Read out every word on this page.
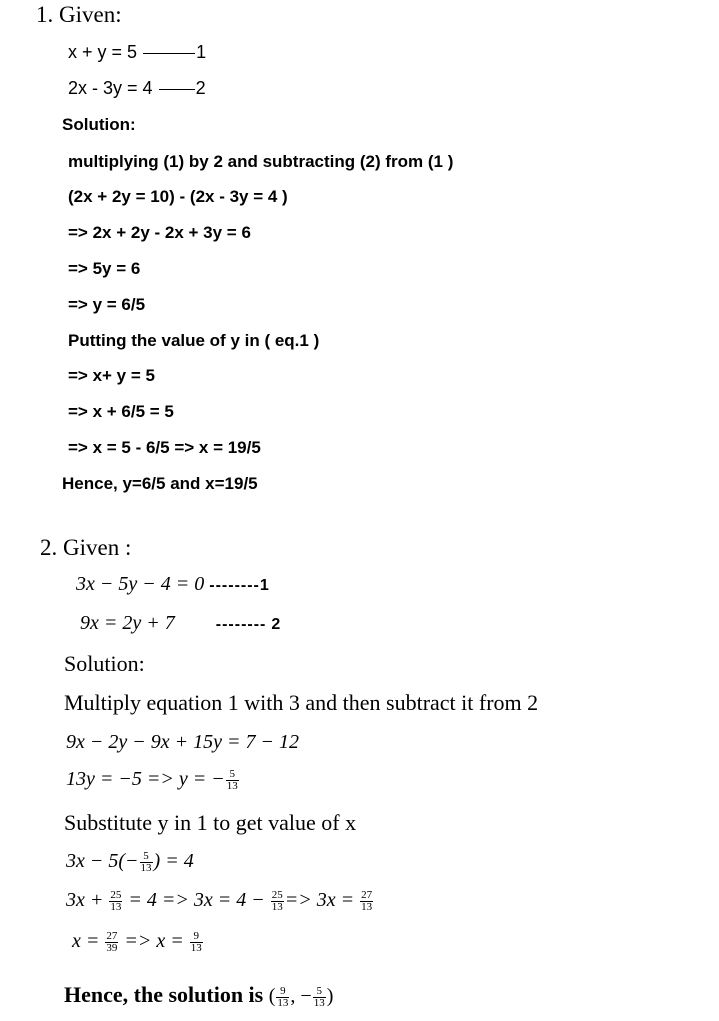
1. Given:
x + y = 5	1
2x - 3y = 4 2
Solution:
multiplying (1) by 2 and subtracting (2) from (1 )
(2x + 2y = 10) - (2x - 3y = 4 )
=> 2x + 2y - 2x + 3y = 6
=> 5y = 6
=> y = 6/5
Putting the value of y in ( eq.1 )
=> x+ y = 5
=> x + 6/5 = 5
=> x = 5 - 6/5 => x = 19/5
Hence, y=6/5 and x=19/5
2. Given :
3x − 5y − 4 = 0 --------1
9x = 2y + 7	-------- 2
Solution:
Multiply equation 1 with 3 and then subtract it from 2
9x − 2y − 9x + 15y = 7 − 12
13y = −5 => y = − $\frac{5}{13}$
Substitute y in 1 to get value of x
$3x - 5(- \frac{5}{13}$ ) = 4
$3x + \frac{25}{13} = 4 => 3x = 4 - \frac{25}{13} => 3x = \frac{27}{13}$
$x = \frac{27}{39} => x = \frac{9}{13}$
Hence, the solution is ( $\frac{9}{13}$ , − $\frac{5}{13}$ )
